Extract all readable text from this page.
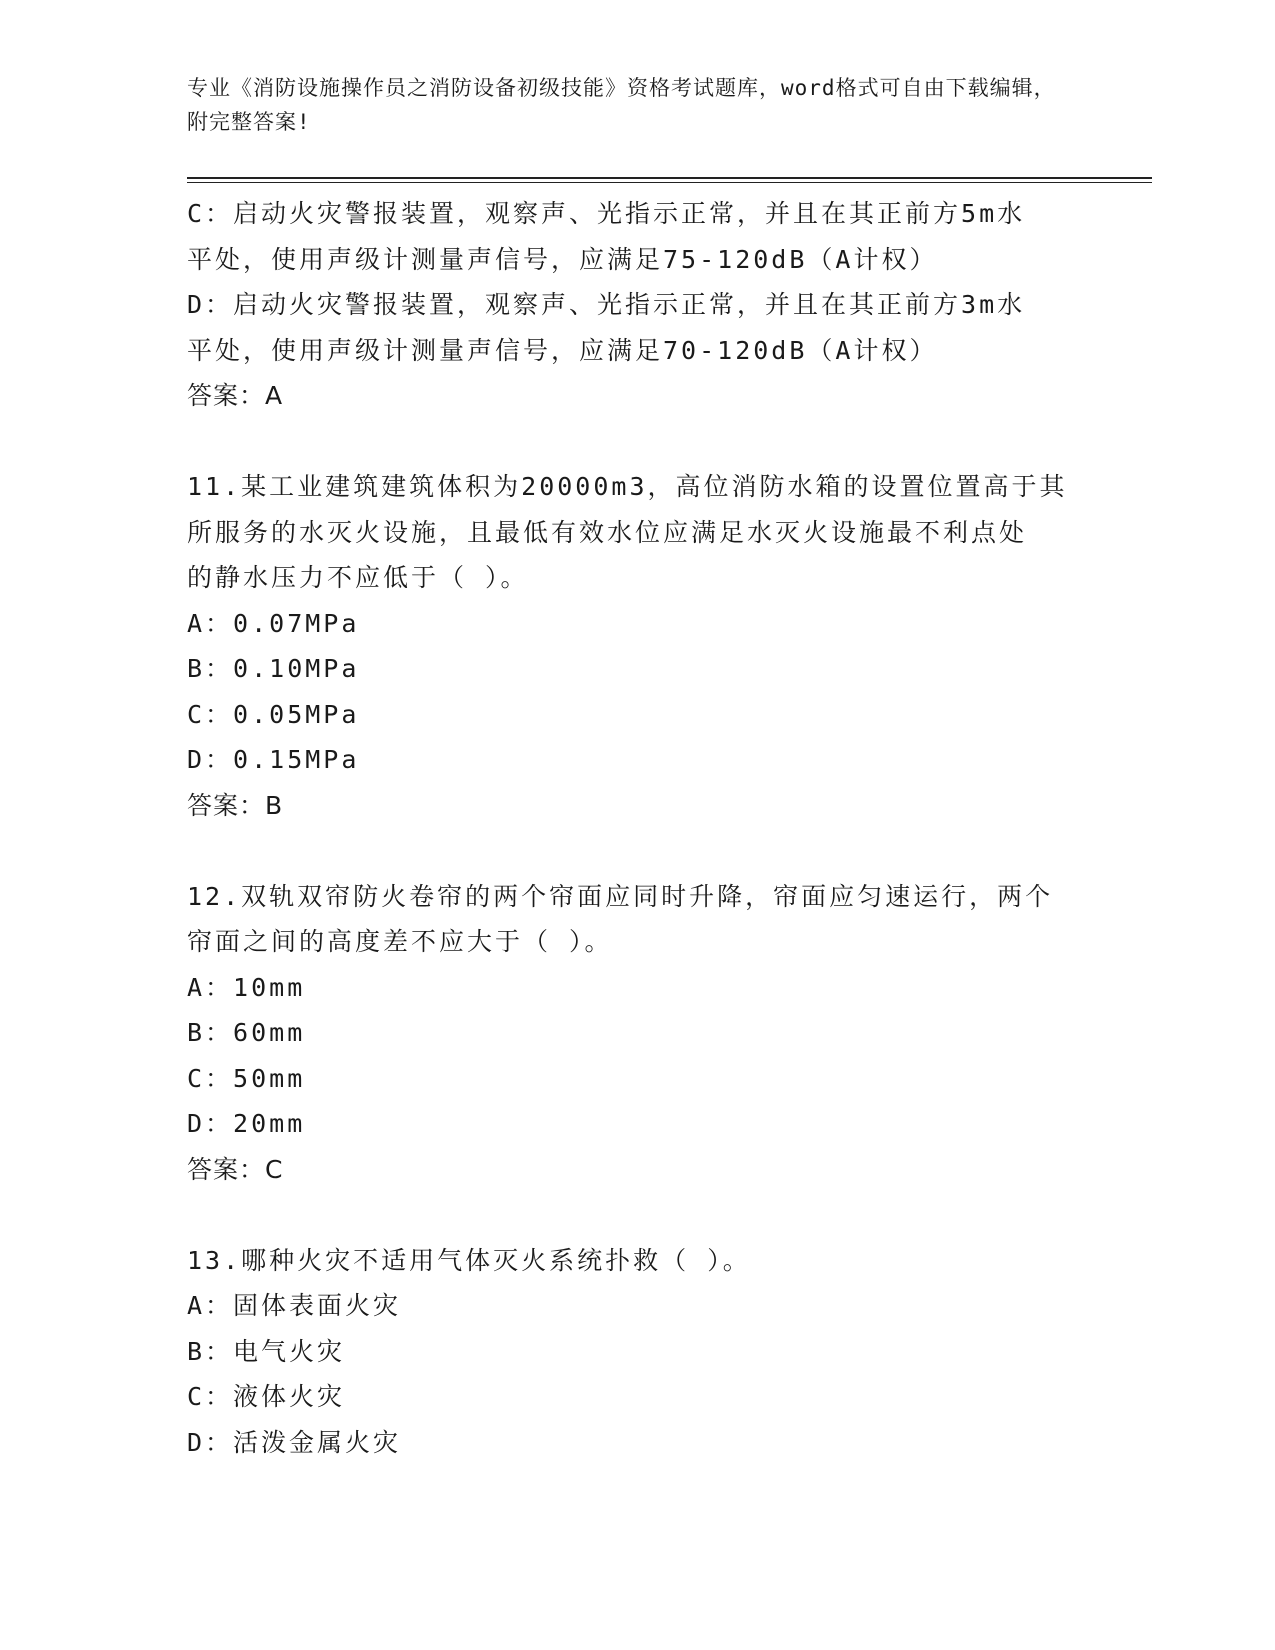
专业《消防设施操作员之消防设备初级技能》资格考试题库，word格式可自由下载编辑，附完整答案!

C：启动火灾警报装置，观察声、光指示正常，并且在其正前方5m水

平处，使用声级计测量声信号，应满足75-120dB（A计权）

D：启动火灾警报装置，观察声、光指示正常，并且在其正前方3m水

平处，使用声级计测量声信号，应满足70-120dB（A计权）

答案：A

11.某工业建筑建筑体积为20000m3，高位消防水箱的设置位置高于其

所服务的水灭火设施，且最低有效水位应满足水灭火设施最不利点处

的静水压力不应低于（ ）。

A：0.07MPa

B：0.10MPa

C：0.05MPa

D：0.15MPa

答案：B

12.双轨双帘防火卷帘的两个帘面应同时升降，帘面应匀速运行，两个

帘面之间的高度差不应大于（ ）。

A：10mm

B：60mm

C：50mm

D：20mm

答案：C

13.哪种火灾不适用气体灭火系统扑救（ ）。

A：固体表面火灾

B：电气火灾

C：液体火灾

D：活泼金属火灾
